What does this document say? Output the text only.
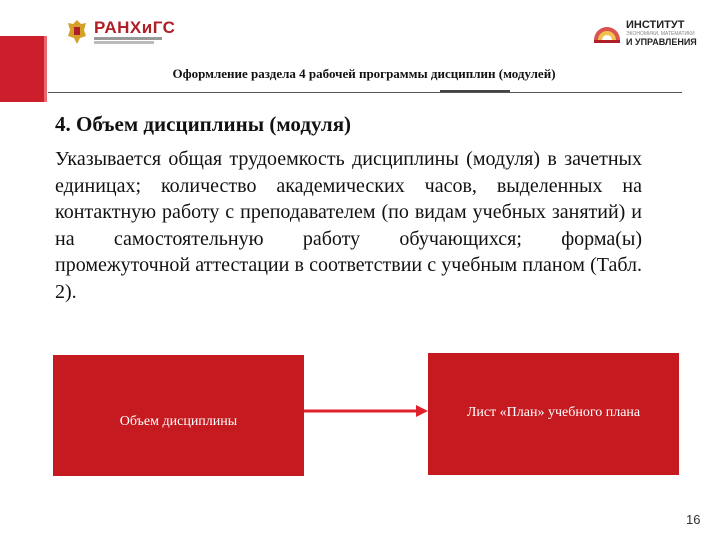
РАНХиГС	ИНСТИТУТ
ЭКОНОМИКИ, МАТЕМАТИКИ
И УПРАВЛЕНИЯ
Оформление раздела 4 рабочей программы дисциплин (модулей)
4. Объем дисциплины (модуля)
Указывается общая трудоемкость дисциплины (модуля) в зачетных единицах; количество академических часов, выделенных на контактную работу с преподавателем (по видам учебных занятий) и на самостоятельную работу обучающихся; форма(ы) промежуточной аттестации в соответствии с учебным планом (Табл. 2).
Объем дисциплины
Лист «План» учебного плана
16
